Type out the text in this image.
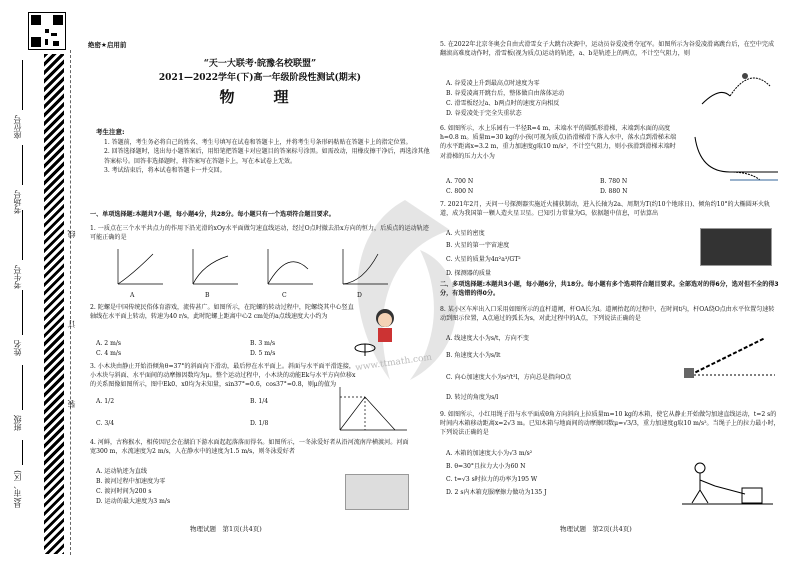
座位号
考场号
考生号
姓名
班级
县(市、区)
线
订
装
绝密★启用前
“天一大联考·皖豫名校联盟”
2021—2022学年(下)高一年级阶段性测试(期末)
物　理
考生注意:
1. 答题前，考生务必将自己的姓名、考生号填写在试卷和答题卡上，并将考生号条形码粘贴在答题卡上的指定位置。
2. 回答选择题时，选出每小题答案后，用铅笔把答题卡对应题目的答案标号涂黑。如需改动，用橡皮擦干净后，再选涂其他答案标号。回答非选择题时，将答案写在答题卡上，写在本试卷上无效。
3. 考试结束后，将本试卷和答题卡一并交回。
一、单项选择题:本题共7小题，每小题4分，共28分。每小题只有一个选项符合题目要求。
1. 一质点在三个水平共点力的作用下沿光滑的xOy水平面做匀速直线运动，经过O点时撤去沿x方向的恒力，后质点的运动轨迹可能正确的是
A	B	C	D
2. 陀螺是中国传统民俗体育游戏，流传甚广。如图所示，在陀螺的转动过程中，陀螺绕其中心竖直轴线在水平面上转动，转速为40 r/s，此时陀螺上距离中心2 cm处的a点线速度大小约为
A. 2 m/s	B. 3 m/s
C. 4 m/s	D. 5 m/s
3. 小木块由静止开始沿倾角θ=37°的斜面向下滑动，最后停在水平面上。斜面与水平面平滑连接，小木块与斜面、水平面间的动摩擦因数均为μ。整个运动过程中，小木块的动能Ek与水平方向位移x的关系图像如图所示，图中Ek0、x0均为未知量，sin37°=0.6，cos37°=0.8，则μ的值为
A. 1/2	B. 1/4
C. 3/4	D. 1/8
4. 河鲜，古称猴水，相传因尼会在湖泊下游水面起起落落而得名。如图所示，一冬泳爱好者从沿河流南岸横渡河。河面宽300 m，水流速度为2 m/s，人在静水中的速度为1.5 m/s，则冬泳爱好者
A. 运动轨迹为直线
B. 渡河过程中加速度为零
C. 渡河时间为200 s
D. 运动的最大速度为3 m/s
物理试题　第1页(共4页)
5. 在2022年北京冬奥会自由式滑雪女子大跳台决赛中，运动员谷爱凌勇夺冠军。如图所示为谷爱凌滑离跳台后，在空中完成翻滚高难度动作时，滑雪板(视为质点)运动的轨迹，a、b是轨迹上的两点，不计空气阻力，则
A. 谷爱凌上升到最高点时速度为零
B. 谷爱凌离开跳台后，整体做自由落体运动
C. 滑雪板经过a、b两点时的速度方向相反
D. 谷爱凌处于完全失重状态
6. 如图所示，水上乐园有一半径R=4 m、末端水平的圆弧形滑梯，末端到水面的高度h=0.8 m。质量m=30 kg的小孩(可视为质点)沿滑梯滑下落入水中，落水点到滑梯末端的水平距离x=3.2 m，重力加速度g取10 m/s²，不计空气阻力，则小孩滑到滑梯末端时对滑梯的压力大小为
A. 700 N	B. 780 N
C. 800 N	D. 880 N
7. 2021年2月，天问一号探测器实施近火捕获制动，进入长轴为2a、周期为T(约10个地球日)、倾角约10°的大椭圆环火轨道，成为我国第一颗人造火星卫星。已知引力常量为G，依据题中信息，可估算出
A. 火星的密度
B. 火星的第一宇宙速度
C. 火星的质量为4π²a³/GT²
D. 探测器的质量
二、多项选择题:本题共3小题，每小题6分，共18分。每小题有多个选项符合题目要求。全部选对的得6分，选对但不全的得3分，有选错的得0分。
8. 某小区车库出入口采用如图所示的直杆道闸，杆OA长为l。道闸抬起的过程中，在时间t内，杆OA绕O点由水平位置匀速转动到图示位置，A点通过的弧长为s，对此过程中的A点，下列说法正确的是
A. 线速度大小为s/t，方向不变
B. 角速度大小为s/lt
C. 向心加速度大小为s²/t²l，方向总是指向O点
D. 转过的角度为s/l
9. 如图所示，小红用绳子沿与水平面成θ角方向斜向上拉质量m=10 kg的木箱，使它从静止开始做匀加速直线运动，t=2 s的时间内木箱移动距离x=2√3 m。已知木箱与地面间的动摩擦因数μ=√3/3，重力加速度g取10 m/s²。当绳子上的拉力最小时，下列说法正确的是
A. 木箱的加速度大小为√3 m/s²
B. θ=30°且拉力大小为60 N
C. t=√3 s时拉力的功率为195 W
D. 2 s内木箱克服摩擦力做功为135 J
物理试题　第2页(共4页)
www.ttmath.com
